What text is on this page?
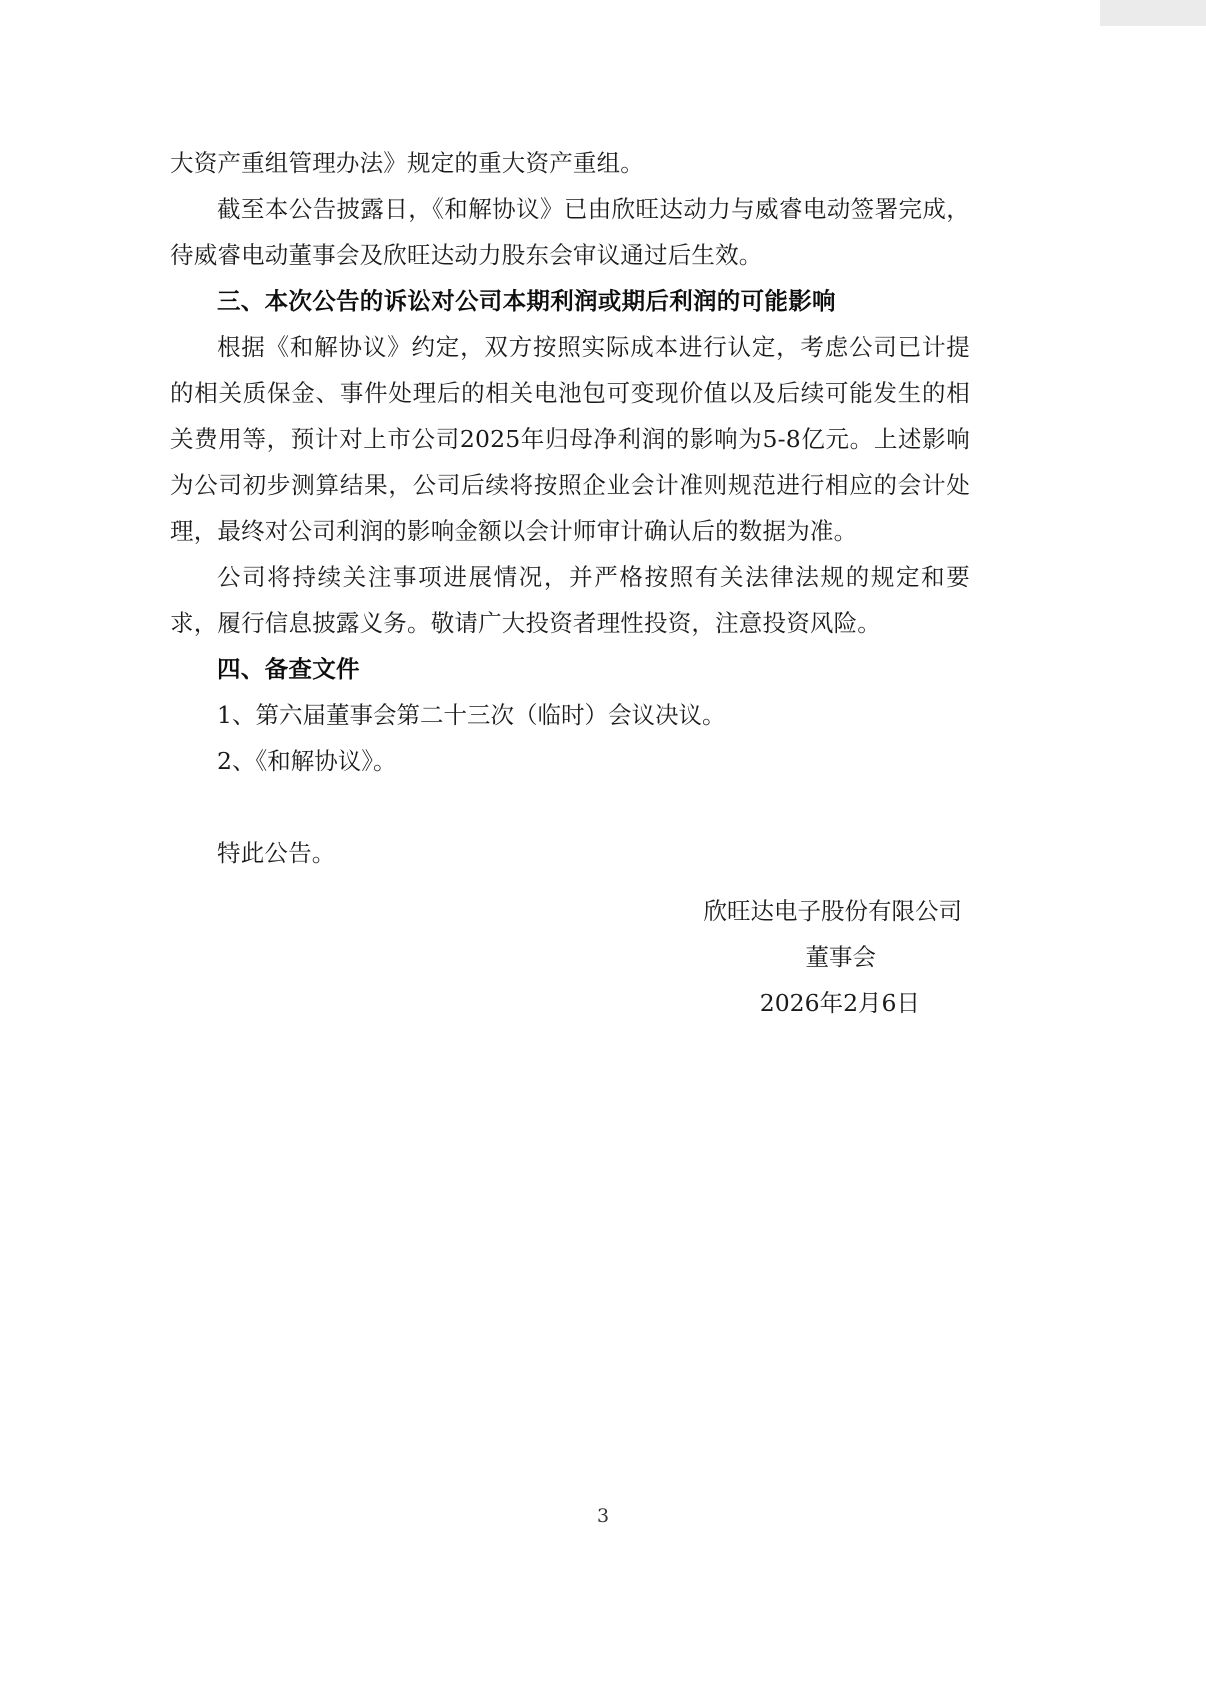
大资产重组管理办法》规定的重大资产重组。

截至本公告披露日，《和解协议》已由欣旺达动力与威睿电动签署完成，待威睿电动董事会及欣旺达动力股东会审议通过后生效。

三、本次公告的诉讼对公司本期利润或期后利润的可能影响

根据《和解协议》约定，双方按照实际成本进行认定，考虑公司已计提的相关质保金、事件处理后的相关电池包可变现价值以及后续可能发生的相关费用等，预计对上市公司2025年归母净利润的影响为5-8亿元。上述影响为公司初步测算结果，公司后续将按照企业会计准则规范进行相应的会计处理，最终对公司利润的影响金额以会计师审计确认后的数据为准。

公司将持续关注事项进展情况，并严格按照有关法律法规的规定和要求，履行信息披露义务。敬请广大投资者理性投资，注意投资风险。

四、备查文件

1、第六届董事会第二十三次（临时）会议决议。

2、《和解协议》。

特此公告。

欣旺达电子股份有限公司

董事会

2026年2月6日

3
